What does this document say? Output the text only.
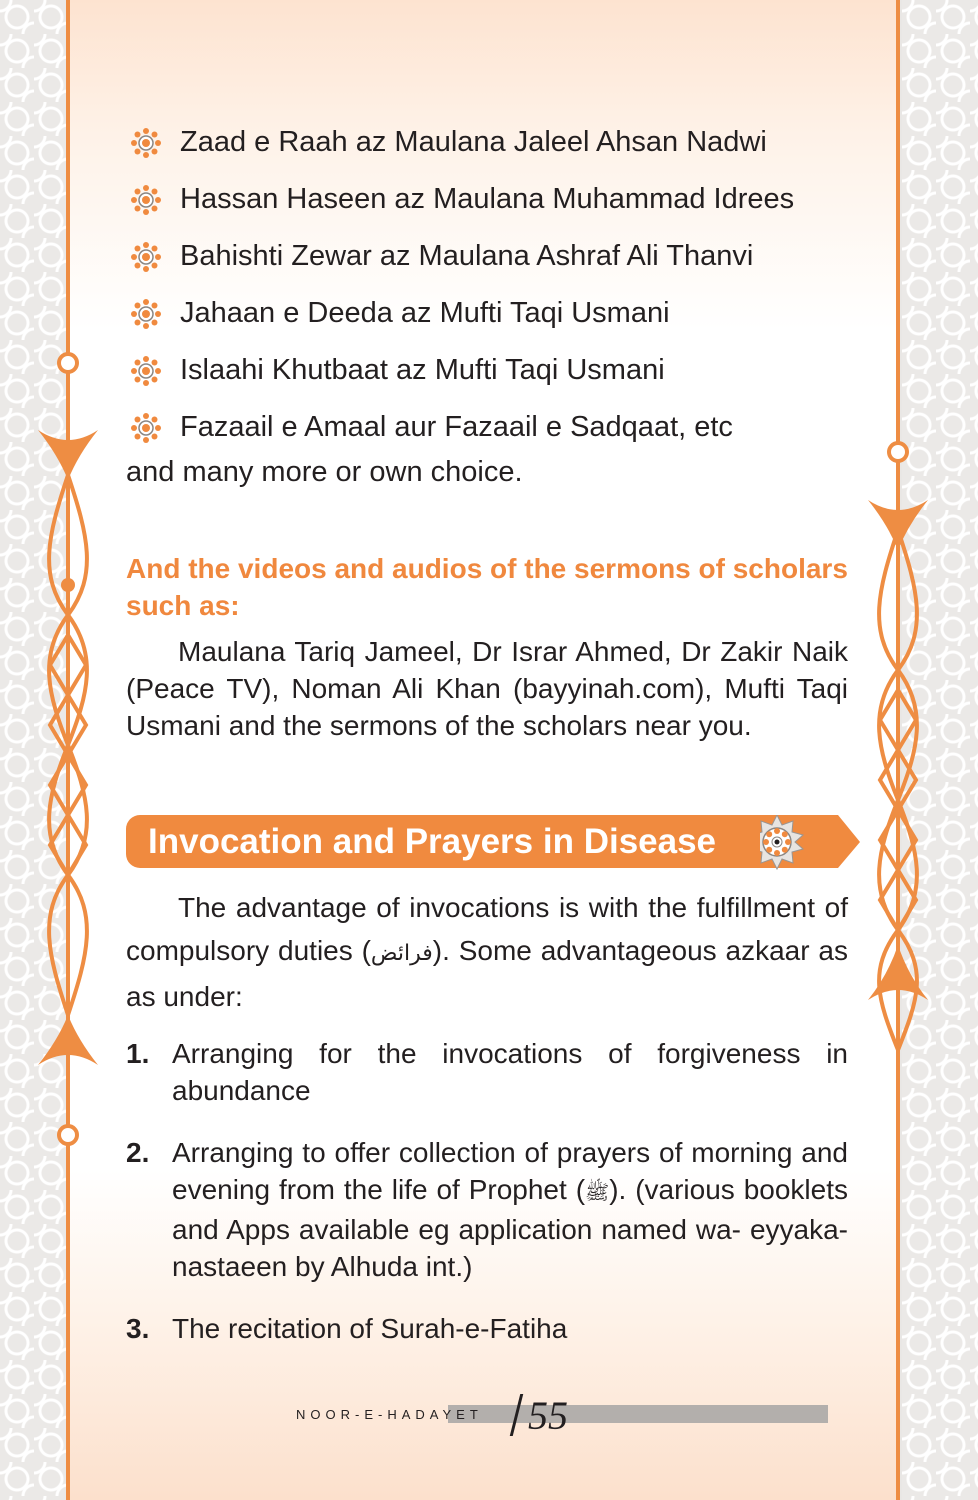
Zaad e Raah az Maulana Jaleel Ahsan Nadwi
Hassan Haseen az Maulana Muhammad Idrees
Bahishti Zewar az Maulana Ashraf Ali Thanvi
Jahaan e Deeda az Mufti Taqi Usmani
Islaahi Khutbaat az Mufti Taqi Usmani
Fazaail e Amaal aur Fazaail e Sadqaat, etc
and many more or own choice.
And the videos and audios of the sermons of scholars such as:

Maulana Tariq Jameel, Dr Israr Ahmed, Dr Zakir Naik (Peace TV), Noman Ali Khan (bayyinah.com), Mufti Taqi Usmani and the sermons of the scholars near you.

Invocation and Prayers in Disease

The advantage of invocations is with the fulfillment of compulsory duties (فرائض). Some advantageous azkaar as as under:

1. Arranging for the invocations of forgiveness in abundance
2. Arranging to offer collection of prayers of morning and evening from the life of Prophet (ﷺ). (various booklets and Apps available eg application named wa- eyyaka-nastaeen by Alhuda int.)
3. The recitation of Surah-e-Fatiha
NOOR-E-HADAYET 55
